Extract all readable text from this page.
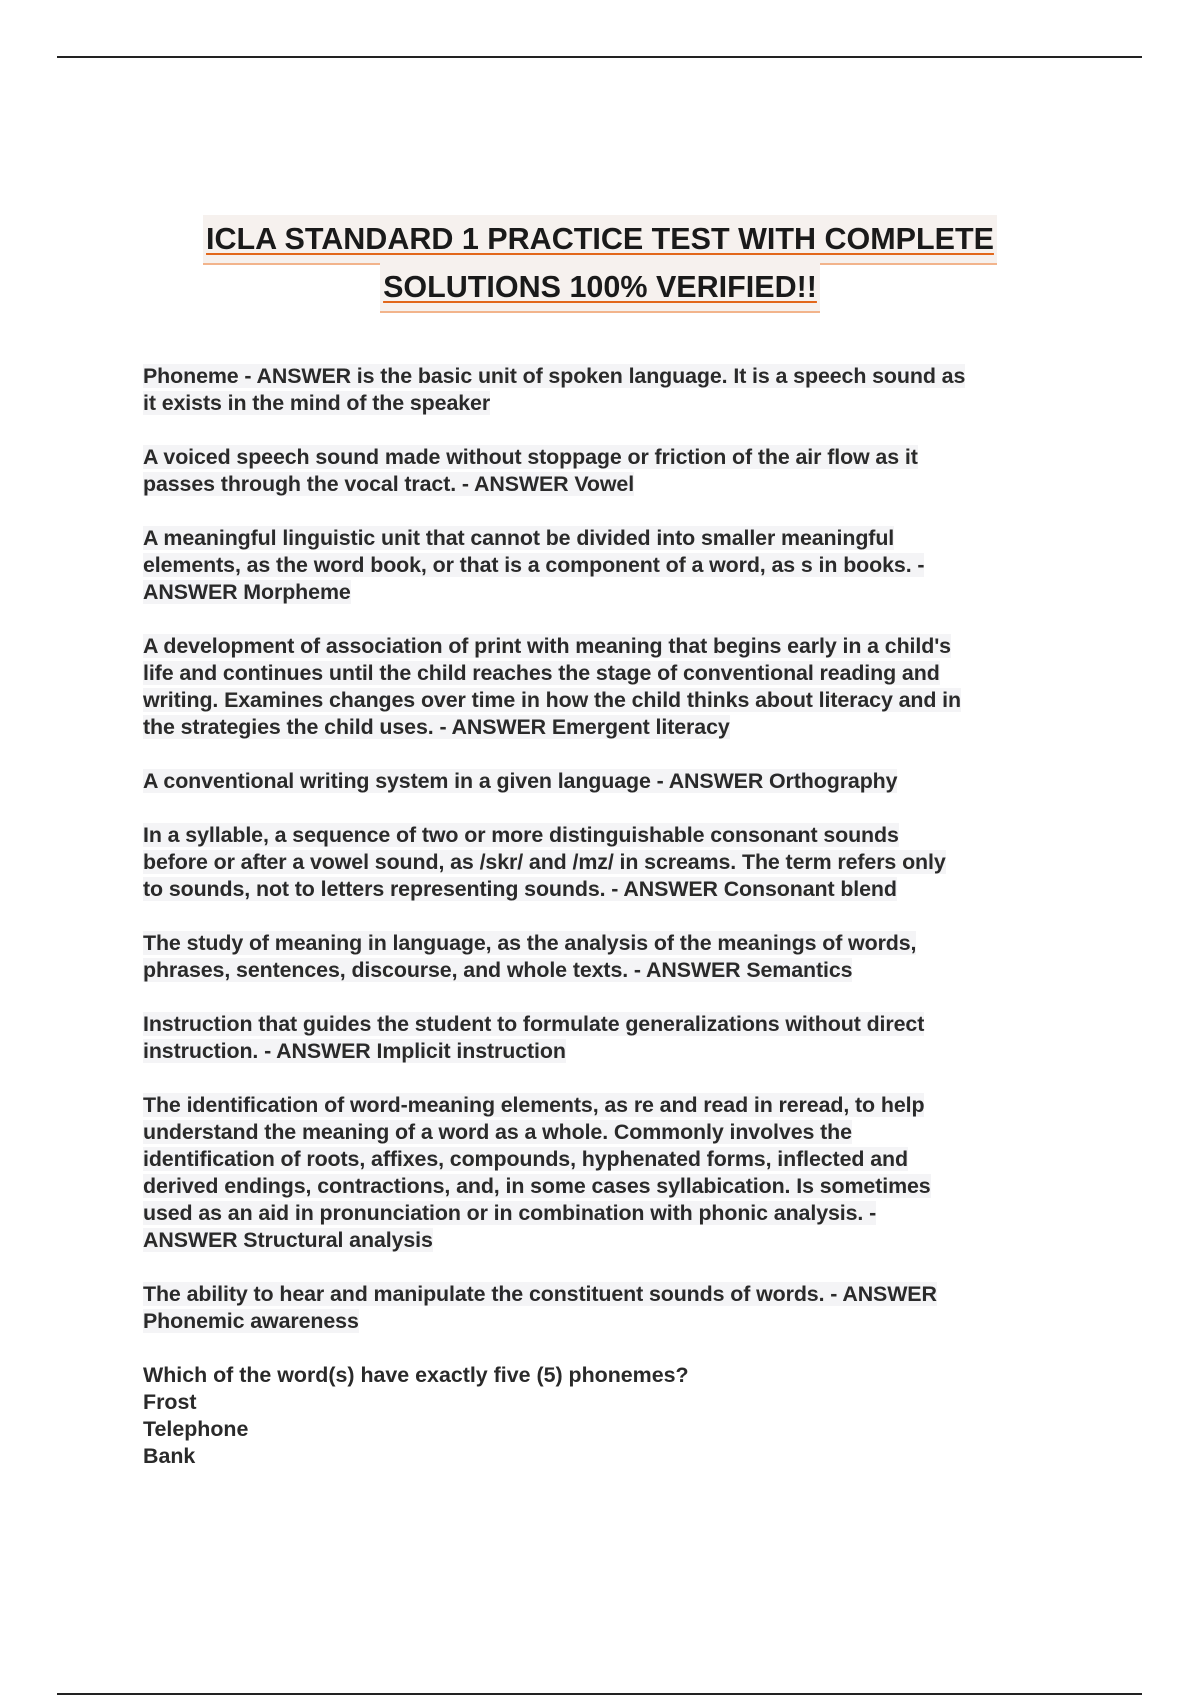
ICLA STANDARD 1 PRACTICE TEST WITH COMPLETE
SOLUTIONS 100% VERIFIED!!

Phoneme - ANSWER is the basic unit of spoken language. It is a speech sound as
it exists in the mind of the speaker

A voiced speech sound made without stoppage or friction of the air flow as it
passes through the vocal tract. - ANSWER Vowel

A meaningful linguistic unit that cannot be divided into smaller meaningful
elements, as the word book, or that is a component of a word, as s in books. -
ANSWER Morpheme

A development of association of print with meaning that begins early in a child's
life and continues until the child reaches the stage of conventional reading and
writing. Examines changes over time in how the child thinks about literacy and in
the strategies the child uses. - ANSWER Emergent literacy

A conventional writing system in a given language - ANSWER Orthography

In a syllable, a sequence of two or more distinguishable consonant sounds
before or after a vowel sound, as /skr/ and /mz/ in screams. The term refers only
to sounds, not to letters representing sounds. - ANSWER Consonant blend

The study of meaning in language, as the analysis of the meanings of words,
phrases, sentences, discourse, and whole texts. - ANSWER Semantics

Instruction that guides the student to formulate generalizations without direct
instruction. - ANSWER Implicit instruction

The identification of word-meaning elements, as re and read in reread, to help
understand the meaning of a word as a whole. Commonly involves the
identification of roots, affixes, compounds, hyphenated forms, inflected and
derived endings, contractions, and, in some cases syllabication. Is sometimes
used as an aid in pronunciation or in combination with phonic analysis. -
ANSWER Structural analysis

The ability to hear and manipulate the constituent sounds of words. - ANSWER
Phonemic awareness

Which of the word(s) have exactly five (5) phonemes?
Frost
Telephone
Bank
